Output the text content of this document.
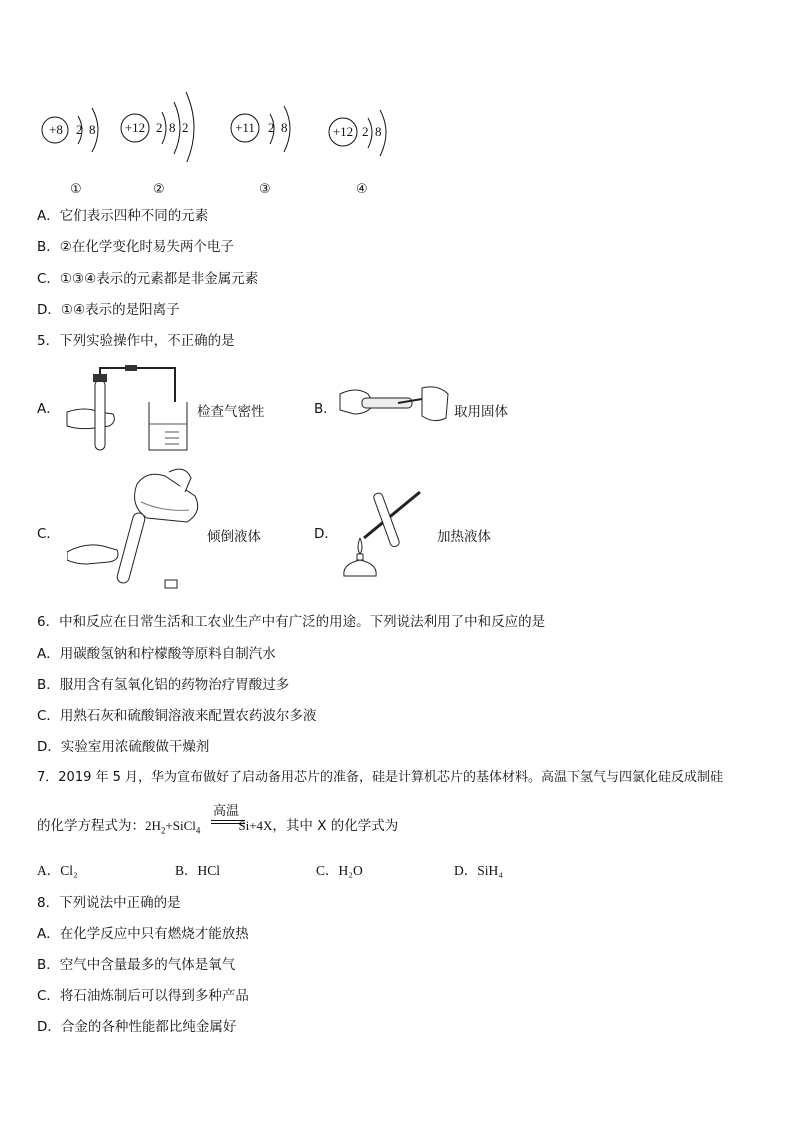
+8	2  8	+12 2  8  2	+11	2  8	+12 2  8
①	②	③	④
A．它们表示四种不同的元素
B．②在化学变化时易失两个电子
C．①③④表示的元素都是非金属元素
D．①④表示的是阳离子
5．下列实验操作中，不正确的是
A．	检查气密性	B．	取用固体
C．	倾倒液体	D．	加热液体
6．中和反应在日常生活和工农业生产中有广泛的用途。下列说法利用了中和反应的是
A．用碳酸氢钠和柠檬酸等原料自制汽水
B．服用含有氢氧化铝的药物治疗胃酸过多
C．用熟石灰和硫酸铜溶液来配置农药波尔多液
D．实验室用浓硫酸做干燥剂
7．2019 年 5 月，华为宣布做好了启动备用芯片的准备，硅是计算机芯片的基体材料。高温下氢气与四氯化硅反成制硅
的化学方程式为：$2H_2+SiCl_4$	Si+4X，其中 X 的化学式为
高温
A．Cl₂	B．HCl	C．H₂O	D．SiH₄
8．下列说法中正确的是
A．在化学反应中只有燃烧才能放热
B．空气中含量最多的气体是氧气
C．将石油炼制后可以得到多种产品
D．合金的各种性能都比纯金属好
